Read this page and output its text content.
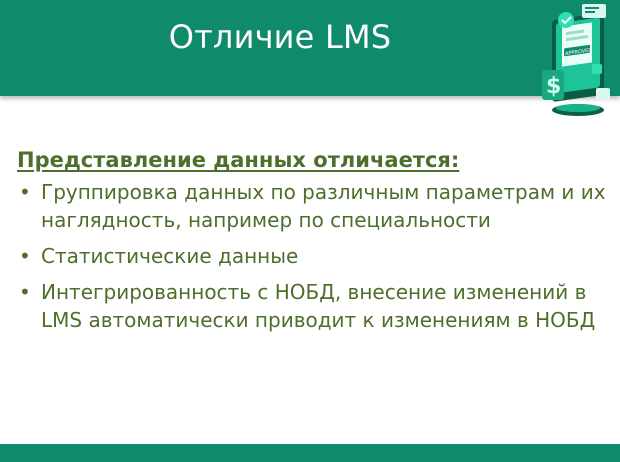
Отличие LMS	APPROVED
$
Представление данных отличается:
• Группировка данных по различным параметрам и их наглядность, например по специальности
• Статистические данные
• Интегрированность с НОБД, внесение изменений в LMS автоматически приводит к изменениям в НОБД
